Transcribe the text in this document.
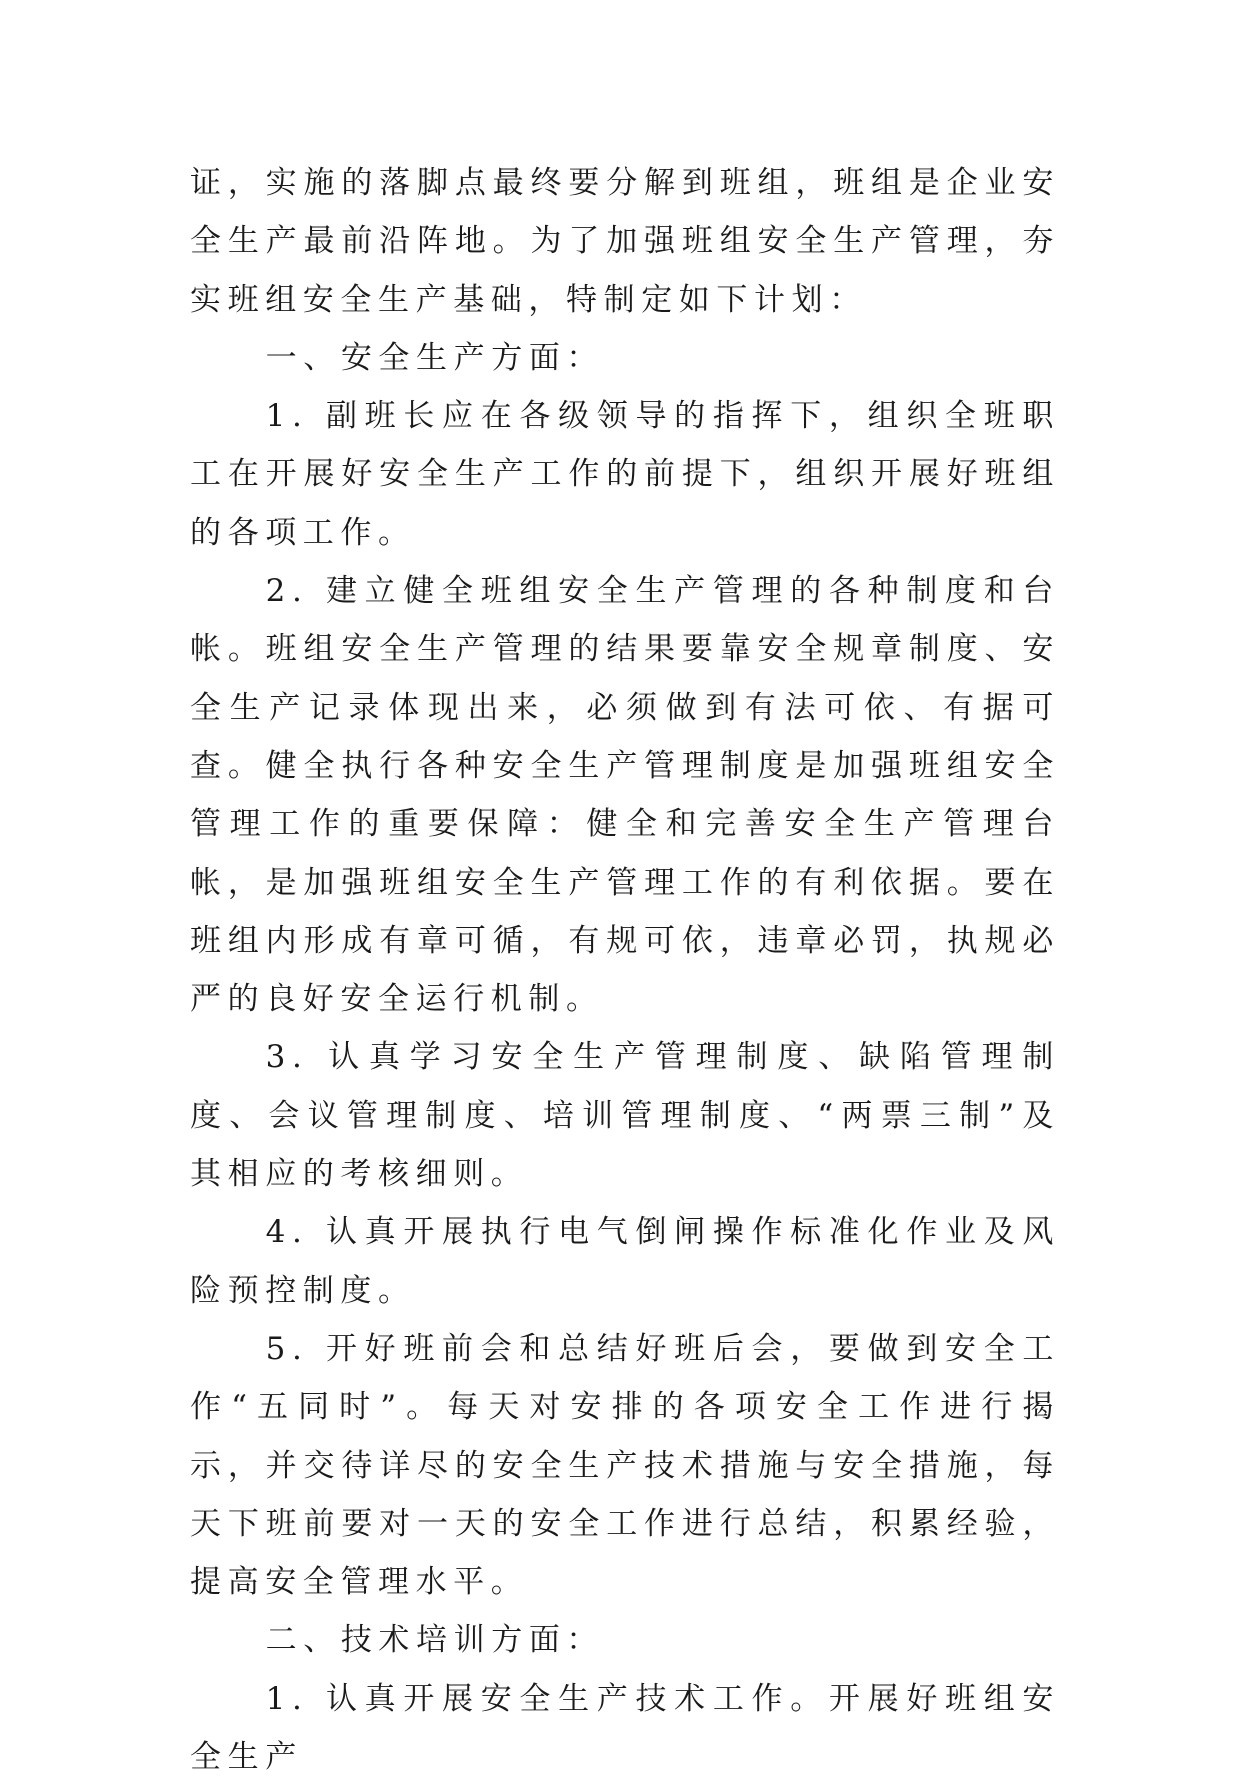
证，实施的落脚点最终要分解到班组，班组是企业安全生产最前沿阵地。为了加强班组安全生产管理，夯实班组安全生产基础，特制定如下计划：

一、安全生产方面：

1. 副班长应在各级领导的指挥下，组织全班职工在开展好安全生产工作的前提下，组织开展好班组的各项工作。

2. 建立健全班组安全生产管理的各种制度和台帐。班组安全生产管理的结果要靠安全规章制度、安全生产记录体现出来，必须做到有法可依、有据可查。健全执行各种安全生产管理制度是加强班组安全管理工作的重要保障：健全和完善安全生产管理台帐，是加强班组安全生产管理工作的有利依据。要在班组内形成有章可循，有规可依，违章必罚，执规必严的良好安全运行机制。

3. 认真学习安全生产管理制度、缺陷管理制度、会议管理制度、培训管理制度、“两票三制”及其相应的考核细则。

4. 认真开展执行电气倒闸操作标准化作业及风险预控制度。

5. 开好班前会和总结好班后会，要做到安全工作“五同时”。每天对安排的各项安全工作进行揭示，并交待详尽的安全生产技术措施与安全措施，每天下班前要对一天的安全工作进行总结，积累经验，提高安全管理水平。

二、技术培训方面：

1. 认真开展安全生产技术工作。开展好班组安全生产
